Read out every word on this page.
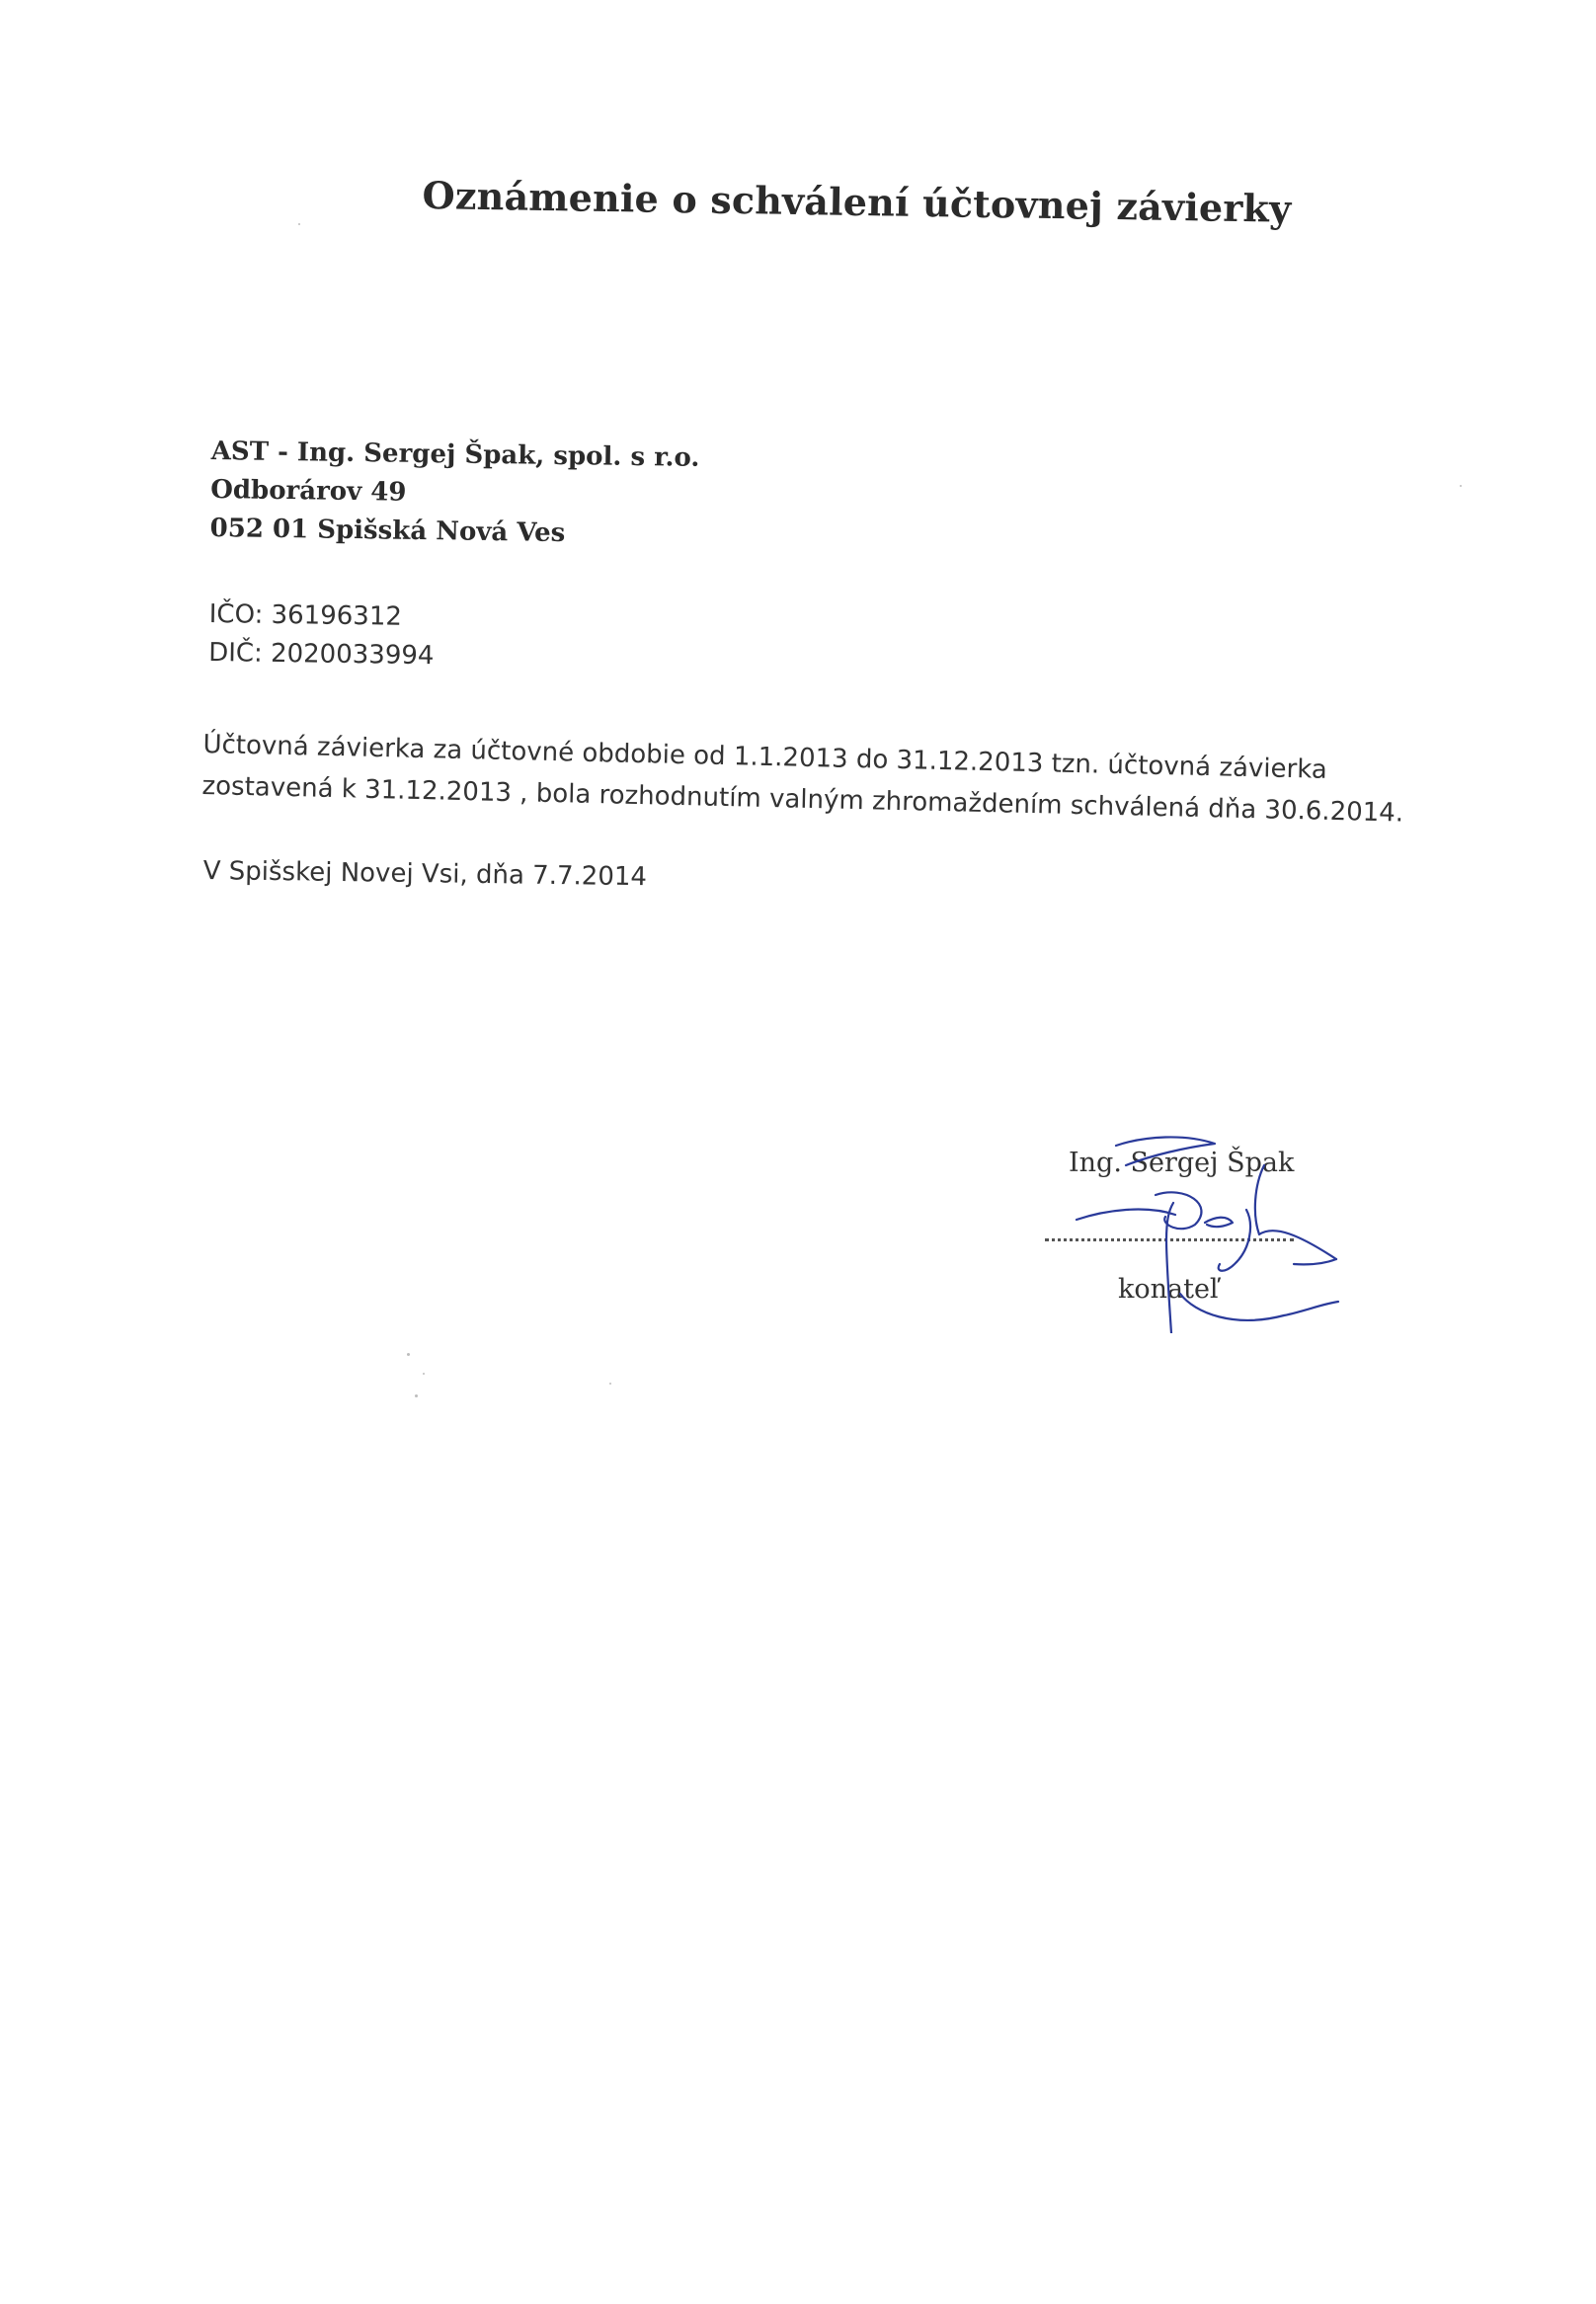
Oznámenie o schválení účtovnej závierky
AST - Ing. Sergej Špak, spol. s r.o.
Odborárov 49
052 01 Spišská Nová Ves
IČO: 36196312
DIČ: 2020033994
Účtovná závierka za účtovné obdobie od 1.1.2013 do 31.12.2013 tzn. účtovná závierka
zostavená k 31.12.2013 , bola rozhodnutím valným zhromaždením schválená dňa 30.6.2014.
V Spišskej Novej Vsi, dňa 7.7.2014
Ing. Sergej Špak
konateľ
